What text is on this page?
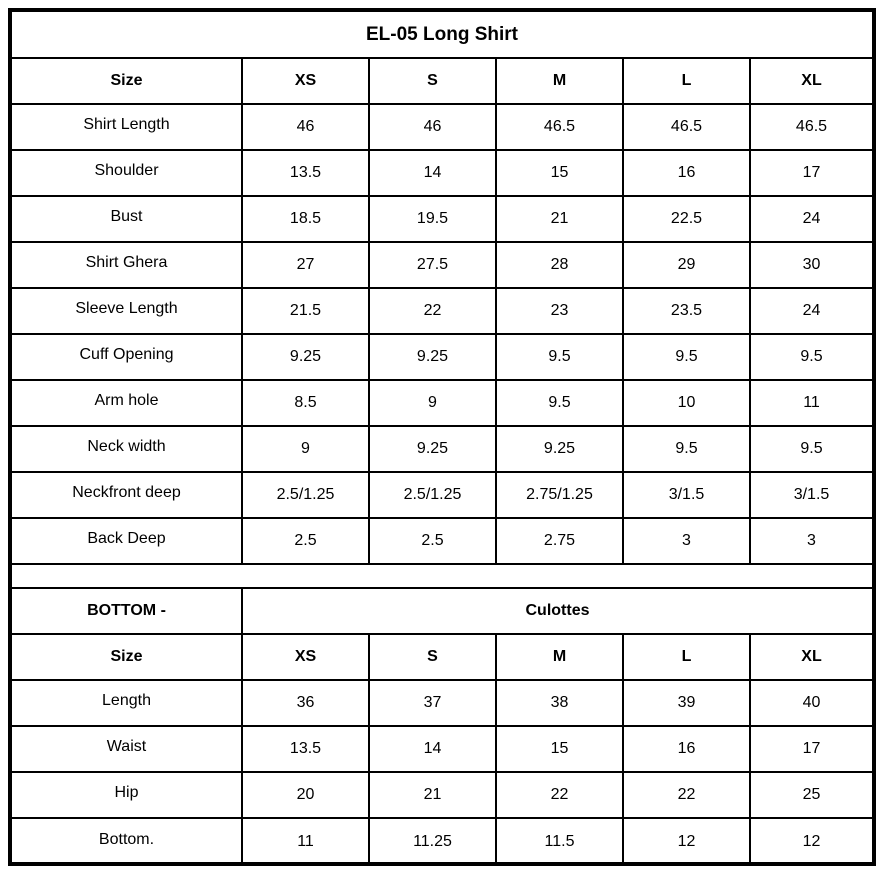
EL-05 Long Shirt					
Size	XS	S	M	L	XL
Shirt Length	46	46	46.5	46.5	46.5
Shoulder	13.5	14	15	16	17
Bust	18.5	19.5	21	22.5	24
Shirt Ghera	27	27.5	28	29	30
Sleeve Length	21.5	22	23	23.5	24
Cuff Opening	9.25	9.25	9.5	9.5	9.5
Arm hole	8.5	9	9.5	10	11
Neck width	9	9.25	9.25	9.5	9.5
Neckfront deep	2.5/1.25	2.5/1.25	2.75/1.25	3/1.5	3/1.5
Back Deep	2.5	2.5	2.75	3	3

BOTTOM -	Culottes				
Size	XS	S	M	L	XL
Length	36	37	38	39	40
Waist	13.5	14	15	16	17
Hip	20	21	22	22	25
Bottom.	11	11.25	11.5	12	12
